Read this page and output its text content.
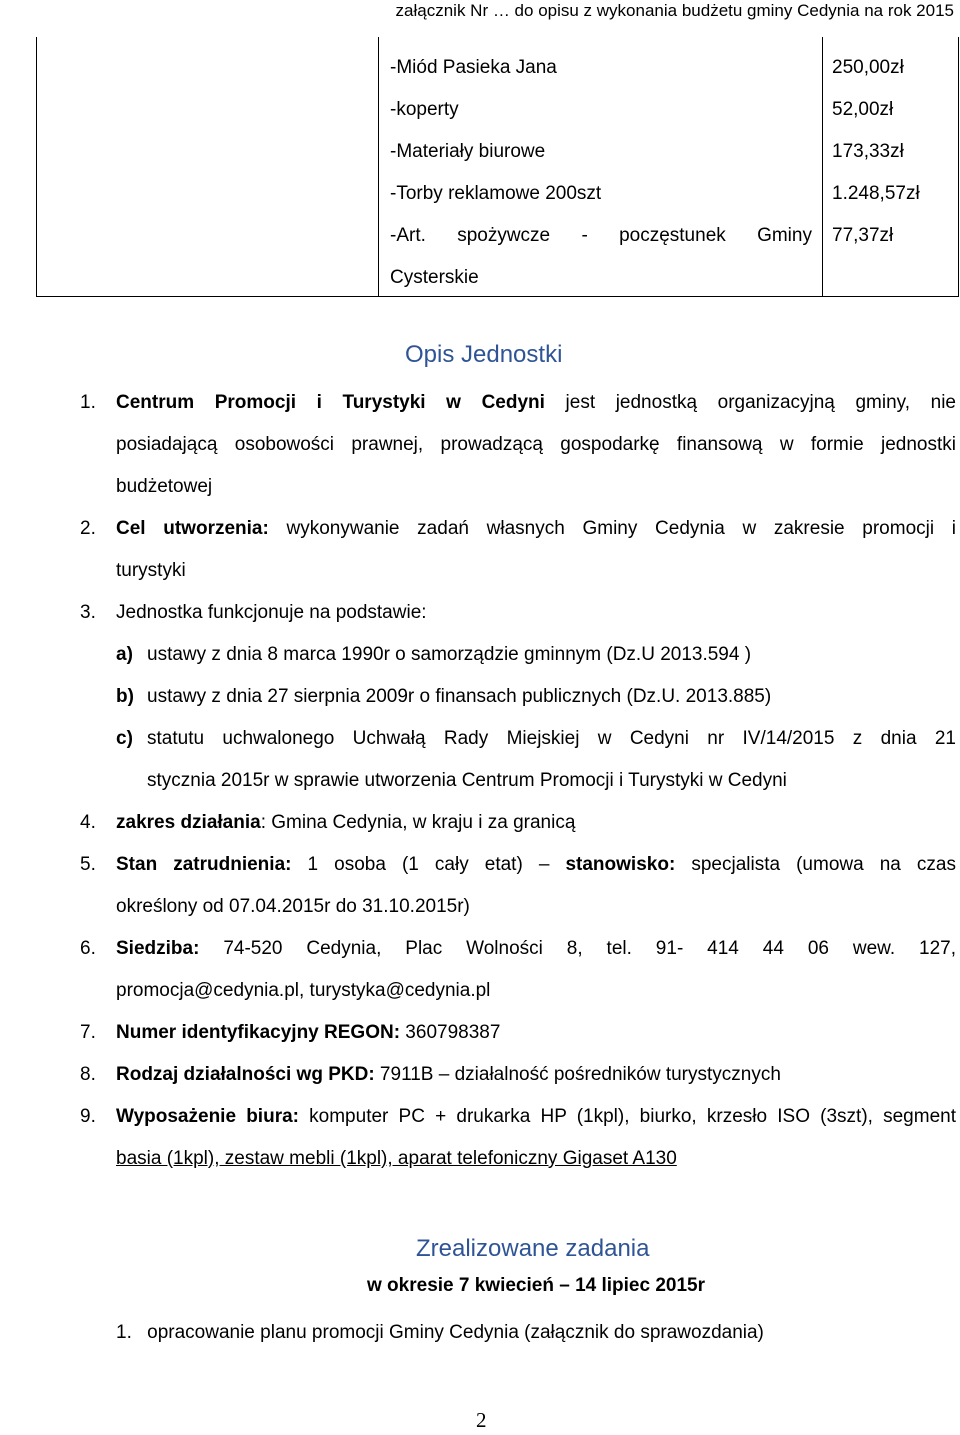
załącznik Nr … do opisu z wykonania budżetu gminy Cedynia na rok 2015
-Miód Pasieka Jana
-koperty
-Materiały biurowe
-Torby reklamowe 200szt
-Art. spożywcze - poczęstunek Gminy
Cysterskie
250,00zł
52,00zł
173,33zł
1.248,57zł
77,37zł
Opis Jednostki
1. Centrum Promocji i Turystyki w Cedyni jest jednostką organizacyjną gminy, nie
posiadającą osobowości prawnej, prowadzącą gospodarkę finansową w formie jednostki
budżetowej
2. Cel utworzenia: wykonywanie zadań własnych Gminy Cedynia w zakresie promocji i
turystyki
3. Jednostka funkcjonuje na podstawie:
a) ustawy z dnia 8 marca 1990r o samorządzie gminnym (Dz.U 2013.594 )
b) ustawy z dnia 27 sierpnia 2009r o finansach publicznych (Dz.U. 2013.885)
c) statutu uchwalonego Uchwałą Rady Miejskiej w Cedyni nr IV/14/2015 z dnia 21
stycznia 2015r w sprawie utworzenia Centrum Promocji i Turystyki w Cedyni
4. zakres działania: Gmina Cedynia, w kraju i za granicą
5. Stan zatrudnienia: 1 osoba (1 cały etat) – stanowisko: specjalista (umowa na czas
określony od 07.04.2015r do 31.10.2015r)
6. Siedziba: 74-520 Cedynia, Plac Wolności 8, tel. 91- 414 44 06 wew. 127,
promocja@cedynia.pl, turystyka@cedynia.pl
7. Numer identyfikacyjny REGON: 360798387
8. Rodzaj działalności wg PKD: 7911B – działalność pośredników turystycznych
9. Wyposażenie biura: komputer PC + drukarka HP (1kpl), biurko, krzesło ISO (3szt), segment
basia (1kpl), zestaw mebli (1kpl), aparat telefoniczny Gigaset A130
Zrealizowane zadania
w okresie 7 kwiecień – 14 lipiec 2015r
1. opracowanie planu promocji Gminy Cedynia (załącznik do sprawozdania)
2
